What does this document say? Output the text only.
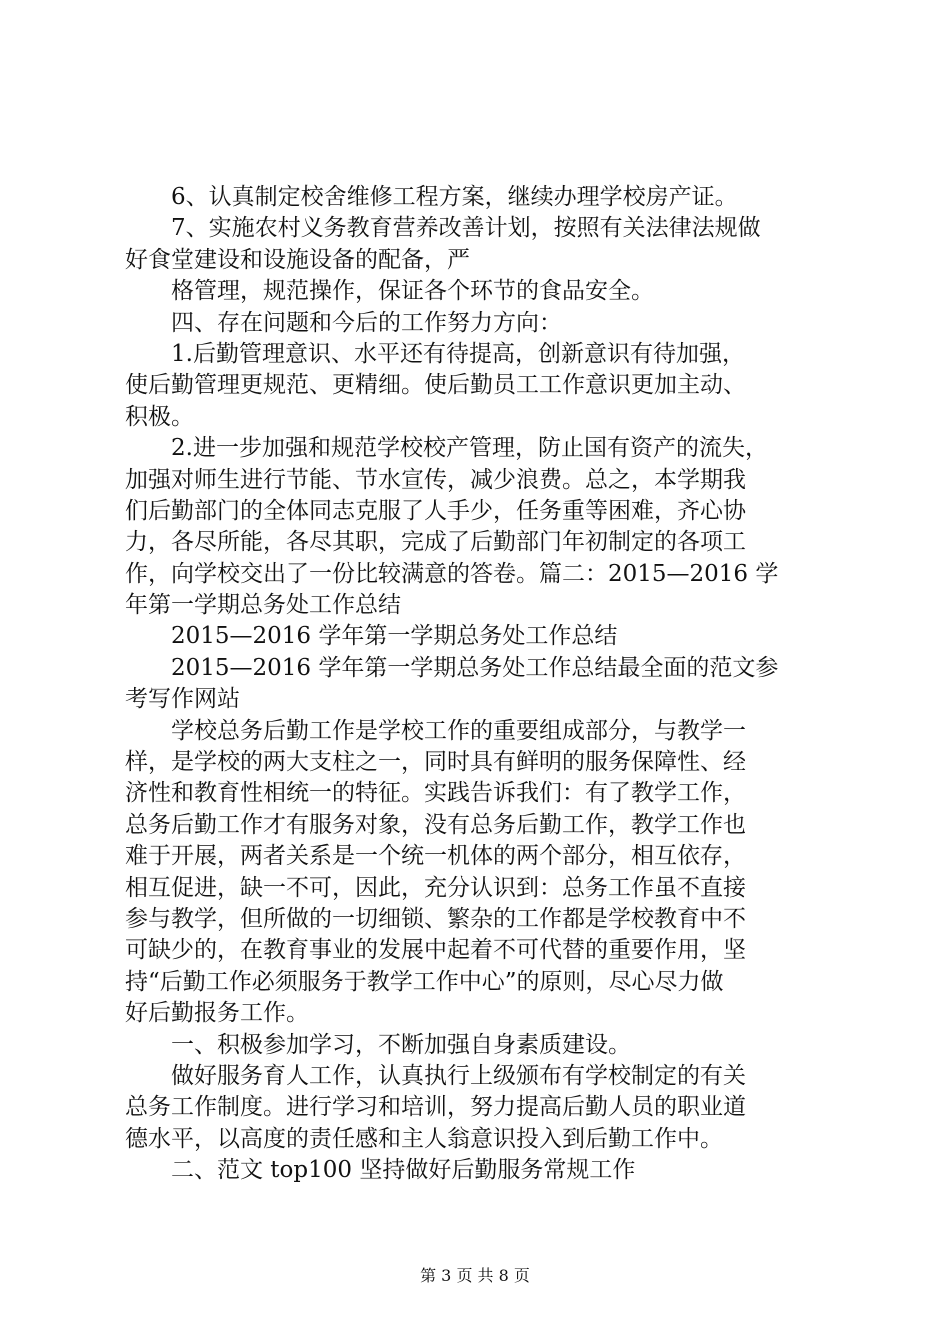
　　6、认真制定校舍维修工程方案，继续办理学校房产证。
　　7、实施农村义务教育营养改善计划，按照有关法律法规做
好食堂建设和设施设备的配备，严
　　格管理，规范操作，保证各个环节的食品安全。
　　四、存在问题和今后的工作努力方向：
　　1.后勤管理意识、水平还有待提高，创新意识有待加强，
使后勤管理更规范、更精细。使后勤员工工作意识更加主动、
积极。
　　2.进一步加强和规范学校校产管理，防止国有资产的流失，
加强对师生进行节能、节水宣传，减少浪费。总之，本学期我
们后勤部门的全体同志克服了人手少，任务重等困难，齐心协
力，各尽所能，各尽其职，完成了后勤部门年初制定的各项工
作，向学校交出了一份比较满意的答卷。篇二：2015—2016 学
年第一学期总务处工作总结
　　2015—2016 学年第一学期总务处工作总结
　　2015—2016 学年第一学期总务处工作总结最全面的范文参
考写作网站
　　学校总务后勤工作是学校工作的重要组成部分，与教学一
样，是学校的两大支柱之一，同时具有鲜明的服务保障性、经
济性和教育性相统一的特征。实践告诉我们：有了教学工作，
总务后勤工作才有服务对象，没有总务后勤工作，教学工作也
难于开展，两者关系是一个统一机体的两个部分，相互依存，
相互促进，缺一不可，因此，充分认识到：总务工作虽不直接
参与教学，但所做的一切细锁、繁杂的工作都是学校教育中不
可缺少的，在教育事业的发展中起着不可代替的重要作用，坚
持“后勤工作必须服务于教学工作中心”的原则，尽心尽力做
好后勤报务工作。
　　一、积极参加学习，不断加强自身素质建设。
　　做好服务育人工作，认真执行上级颁布有学校制定的有关
总务工作制度。进行学习和培训，努力提高后勤人员的职业道
德水平，以高度的责任感和主人翁意识投入到后勤工作中。
　　二、范文 top100 坚持做好后勤服务常规工作
第 3 页 共 8 页
